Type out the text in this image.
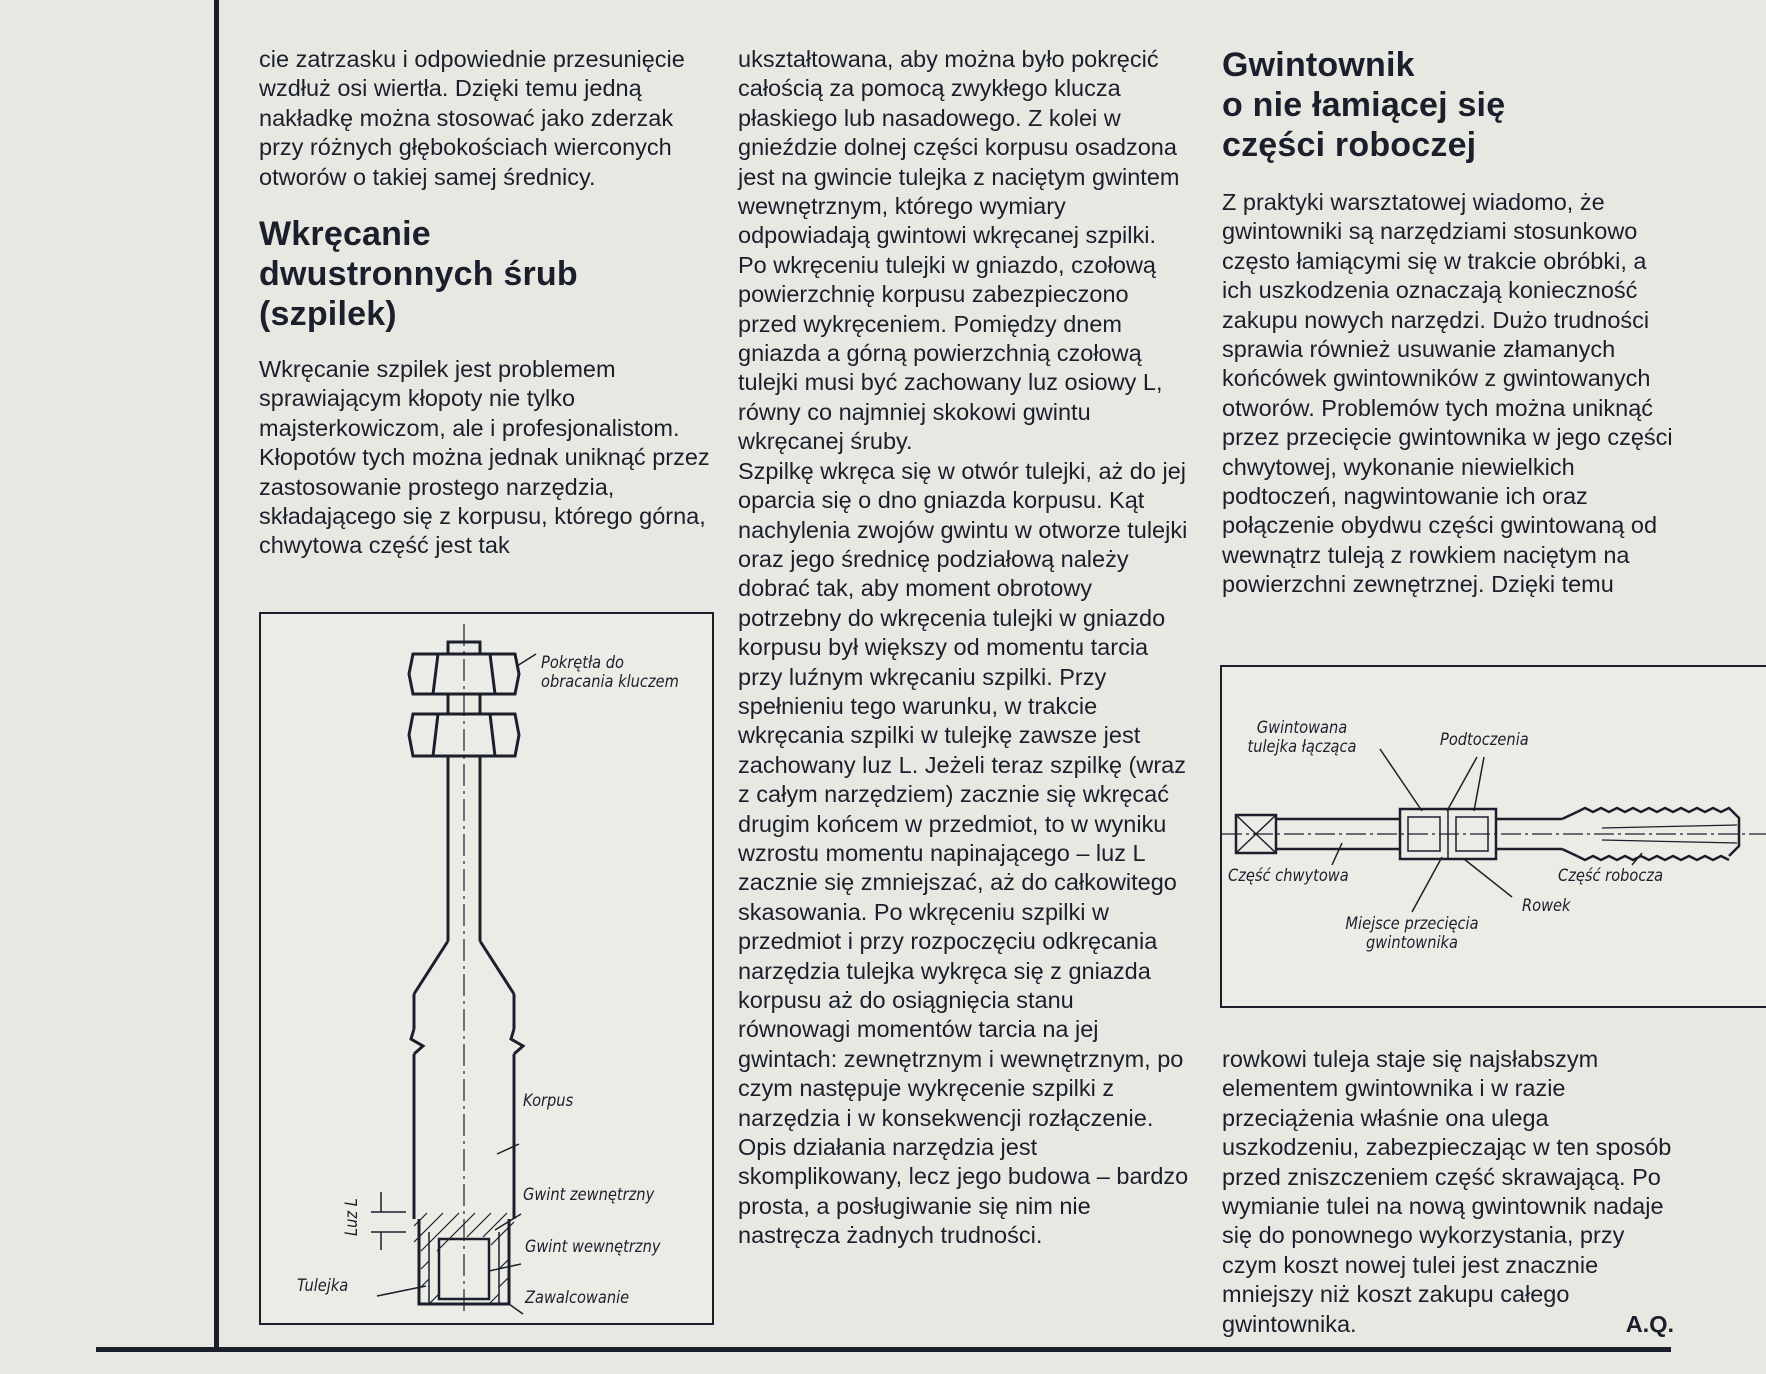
cie zatrzasku i odpowiednie przesunięcie wzdłuż osi wiertła. Dzięki temu jedną nakładkę można stosować jako zderzak przy różnych głębokościach wierconych otworów o takiej samej średnicy.

Wkręcanie
dwustronnych śrub
(szpilek)

Wkręcanie szpilek jest problemem sprawiającym kłopoty nie tylko majsterkowiczom, ale i profesjonalistom. Kłopotów tych można jednak uniknąć przez zastosowanie prostego narzędzia, składającego się z korpusu, którego górna, chwytowa część jest tak

Pokrętła do
obracania kluczem
Korpus
Gwint zewnętrzny
Gwint wewnętrzny
Tulejka
Zawalcowanie
Luz L

ukształtowana, aby można było pokręcić całością za pomocą zwykłego klucza płaskiego lub nasadowego. Z kolei w gnieździe dolnej części korpusu osadzona jest na gwincie tulejka z naciętym gwintem wewnętrznym, którego wymiary odpowiadają gwintowi wkręcanej szpilki. Po wkręceniu tulejki w gniazdo, czołową powierzchnię korpusu zabezpieczono przed wykręceniem. Pomiędzy dnem gniazda a górną powierzchnią czołową tulejki musi być zachowany luz osiowy L, równy co najmniej skokowi gwintu wkręcanej śruby.

Szpilkę wkręca się w otwór tulejki, aż do jej oparcia się o dno gniazda korpusu. Kąt nachylenia zwojów gwintu w otworze tulejki oraz jego średnicę podziałową należy dobrać tak, aby moment obrotowy potrzebny do wkręcenia tulejki w gniazdo korpusu był większy od momentu tarcia przy luźnym wkręcaniu szpilki. Przy spełnieniu tego warunku, w trakcie wkręcania szpilki w tulejkę zawsze jest zachowany luz L. Jeżeli teraz szpilkę (wraz z całym narzędziem) zacznie się wkręcać drugim końcem w przedmiot, to w wyniku wzrostu momentu napinającego – luz L zacznie się zmniejszać, aż do całkowitego skasowania. Po wkręceniu szpilki w przedmiot i przy rozpoczęciu odkręcania narzędzia tulejka wykręca się z gniazda korpusu aż do osiągnięcia stanu równowagi momentów tarcia na jej gwintach: zewnętrznym i wewnętrznym, po czym następuje wykręcenie szpilki z narzędzia i w konsekwencji rozłączenie. Opis działania narzędzia jest skomplikowany, lecz jego budowa – bardzo prosta, a posługiwanie się nim nie nastręcza żadnych trudności.

Gwintownik
o nie łamiącej się
części roboczej

Z praktyki warsztatowej wiadomo, że gwintowniki są narzędziami stosunkowo często łamiącymi się w trakcie obróbki, a ich uszkodzenia oznaczają konieczność zakupu nowych narzędzi. Dużo trudności sprawia również usuwanie złamanych końcówek gwintowników z gwintowanych otworów. Problemów tych można uniknąć przez przecięcie gwintownika w jego części chwytowej, wykonanie niewielkich podtoczeń, nagwintowanie ich oraz połączenie obydwu części gwintowaną od wewnątrz tuleją z rowkiem naciętym na powierzchni zewnętrznej. Dzięki temu

Gwintowana
tulejka łącząca	Podtoczenia
Część chwytowa	Część robocza
Rowek
Miejsce przecięcia
gwintownika

rowkowi tuleja staje się najsłabszym elementem gwintownika i w razie przeciążenia właśnie ona ulega uszkodzeniu, zabezpieczając w ten sposób przed zniszczeniem część skrawającą. Po wymianie tulei na nową gwintownik nadaje się do ponownego wykorzystania, przy czym koszt nowej tulei jest znacznie mniejszy niż koszt zakupu całego gwintownika.	A.Q.
